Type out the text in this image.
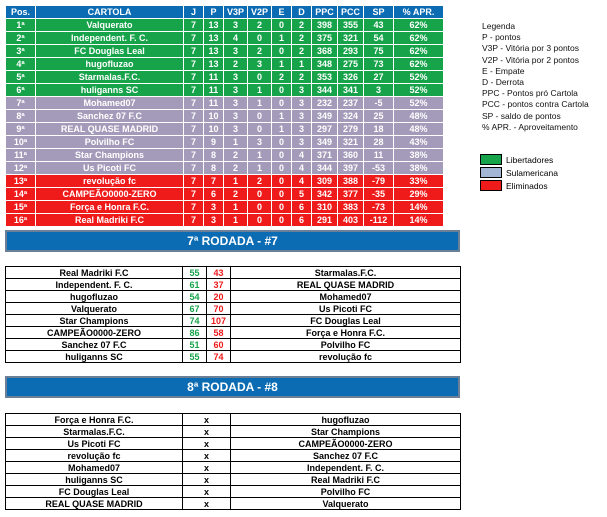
Pos.	CARTOLA	J	P	V3P	V2P	E	D	PPC	PCC	SP	% APR.
1ª	Valquerato	7	13	3	2	0	2	398	355	43	62%
2ª	Independent. F. C.	7	13	4	0	1	2	375	321	54	62%
3ª	FC Douglas Leal	7	13	3	2	0	2	368	293	75	62%
4ª	hugofluzao	7	13	2	3	1	1	348	275	73	62%
5ª	Starmalas.F.C.	7	11	3	0	2	2	353	326	27	52%
6ª	huliganns SC	7	11	3	1	0	3	344	341	3	52%
7ª	Mohamed07	7	11	3	1	0	3	232	237	-5	52%
8ª	Sanchez 07 F.C	7	10	3	0	1	3	349	324	25	48%
9ª	REAL QUASE MADRID	7	10	3	0	1	3	297	279	18	48%
10ª	Polvilho FC	7	9	1	3	0	3	349	321	28	43%
11ª	Star Champions	7	8	2	1	0	4	371	360	11	38%
12ª	Us Picoti FC	7	8	2	1	0	4	344	397	-53	38%
13ª	revolução fc	7	7	1	2	0	4	309	388	-79	33%
14ª	CAMPEÃO0000-ZERO	7	6	2	0	0	5	342	377	-35	29%
15ª	Força e Honra F.C.	7	3	1	0	0	6	310	383	-73	14%
16ª	Real Madriki F.C	7	3	1	0	0	6	291	403	-112	14%
Legenda
P - pontos
V3P - Vitória por 3 pontos
V2P - Vitória por 2 pontos
E - Empate
D - Derrota
PPC - Pontos pró Cartola
PCC - pontos contra Cartola
SP - saldo de pontos
% APR. - Aproveitamento
Libertadores
Sulamericana
Eliminados
7ª RODADA - #7
Real Madriki F.C	55	43	Starmalas.F.C.
Independent. F. C.	61	37	REAL QUASE MADRID
hugofluzao	54	20	Mohamed07
Valquerato	67	70	Us Picoti FC
Star Champions	74	107	FC Douglas Leal
CAMPEÃO0000-ZERO	86	58	Força e Honra F.C.
Sanchez 07 F.C	51	60	Polvilho FC
huliganns SC	55	74	revolução fc
8ª RODADA - #8
Força e Honra F.C.	x	hugofluzao
Starmalas.F.C.	x	Star Champions
Us Picoti FC	x	CAMPEÃO0000-ZERO
revolução fc	x	Sanchez 07 F.C
Mohamed07	x	Independent. F. C.
huliganns SC	x	Real Madriki F.C
FC Douglas Leal	x	Polvilho FC
REAL QUASE MADRID	x	Valquerato
